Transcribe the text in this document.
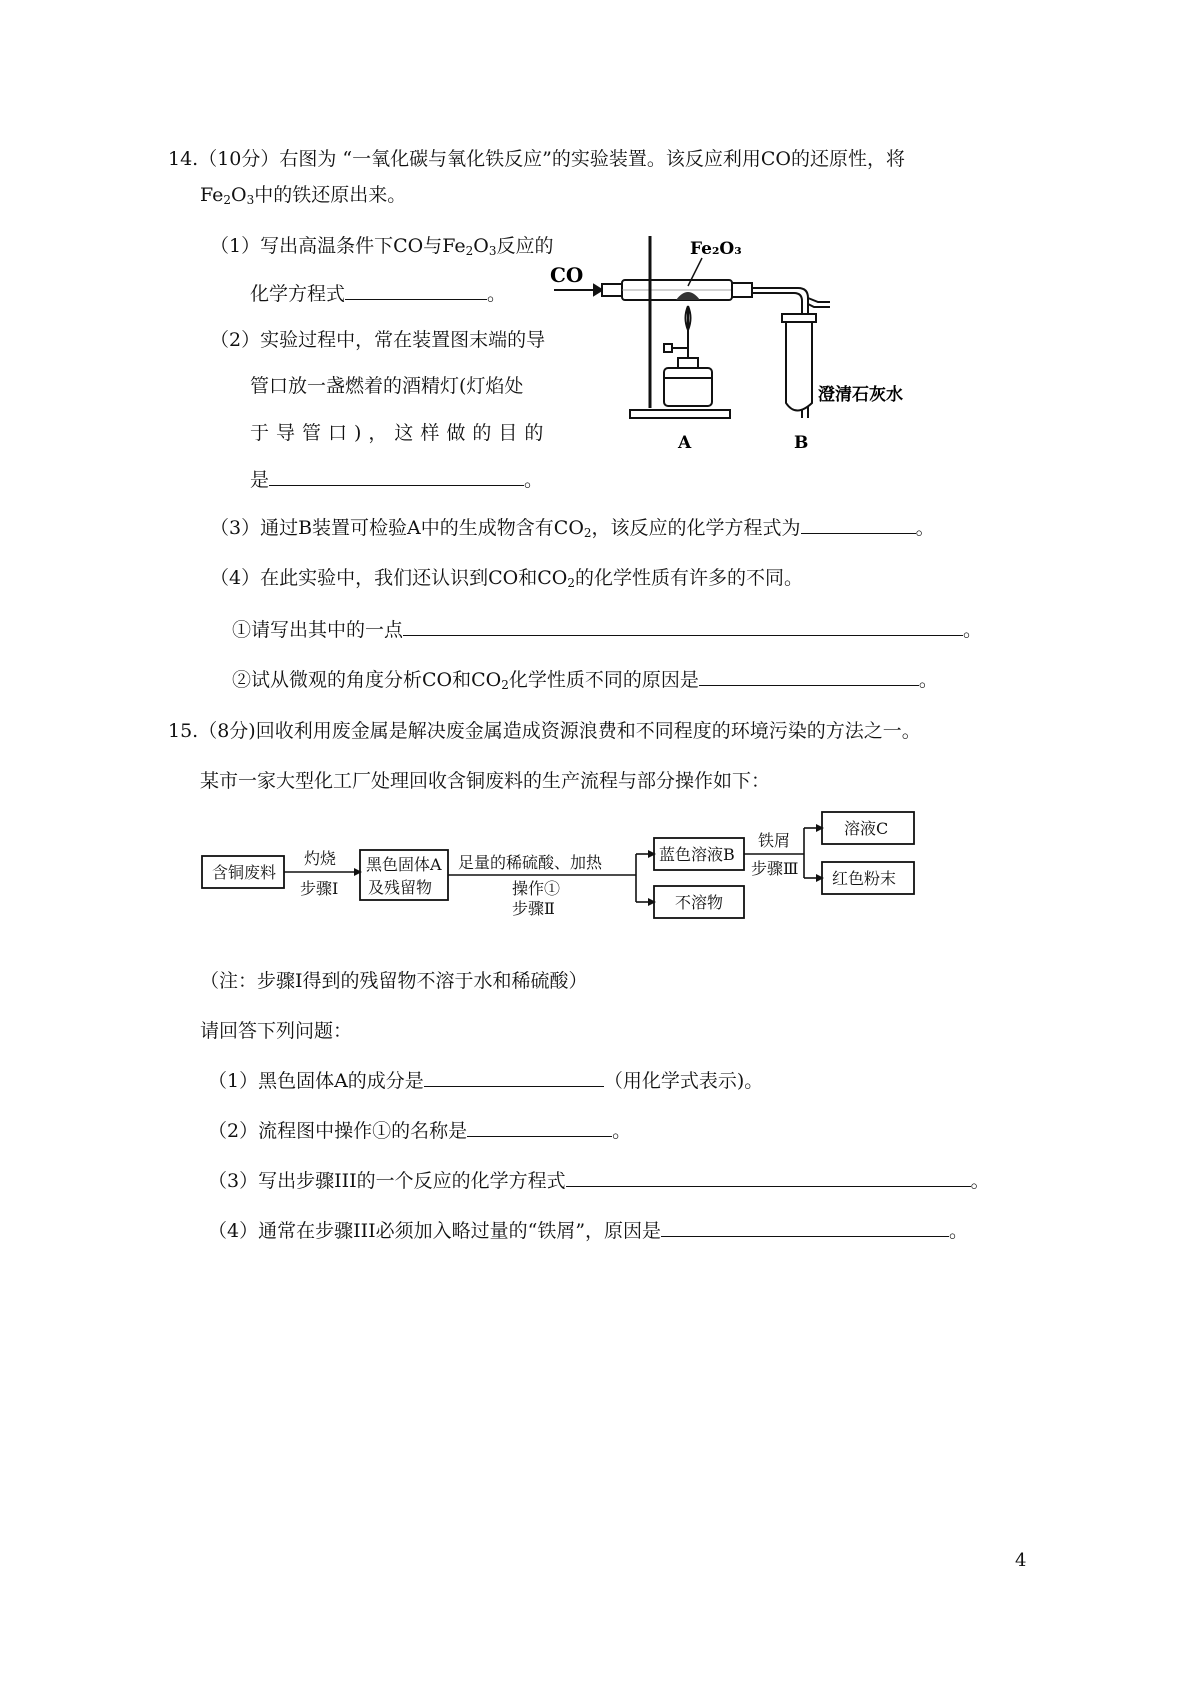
14.（10分）右图为 “一氧化碳与氧化铁反应”的实验装置。该反应利用CO的还原性，将
$Fe_2O_3$中的铁还原出来。
（1）写出高温条件下CO与$Fe_2O_3$反应的
化学方程式	。
（2）实验过程中，常在装置图末端的导
管口放一盏燃着的酒精灯(灯焰处
于导管口)，这样做的目的
是	。
CO
Fe₂O₃
澄清石灰水
A	B
（3）通过B装置可检验A中的生成物含有$CO_2$，该反应的化学方程式为	。
（4）在此实验中，我们还认识到CO和$CO_2$的化学性质有许多的不同。
①请写出其中的一点	。
②试从微观的角度分析CO和$CO_2$化学性质不同的原因是	。
15.（8分)回收利用废金属是解决废金属造成资源浪费和不同程度的环境污染的方法之一。
某市一家大型化工厂处理回收含铜废料的生产流程与部分操作如下：
含铜废料
灼烧
步骤Ⅰ
黑色固体A
及残留物
足量的稀硫酸、加热
操作①
步骤Ⅱ
蓝色溶液B
不溶物
铁屑
步骤Ⅲ
溶液C
红色粉末
（注：步骤Ⅰ得到的残留物不溶于水和稀硫酸）
请回答下列问题：
（1）黑色固体A的成分是	（用化学式表示)。
（2）流程图中操作①的名称是	。
（3）写出步骤III的一个反应的化学方程式	。
（4）通常在步骤III必须加入略过量的“铁屑”，原因是	。
4
